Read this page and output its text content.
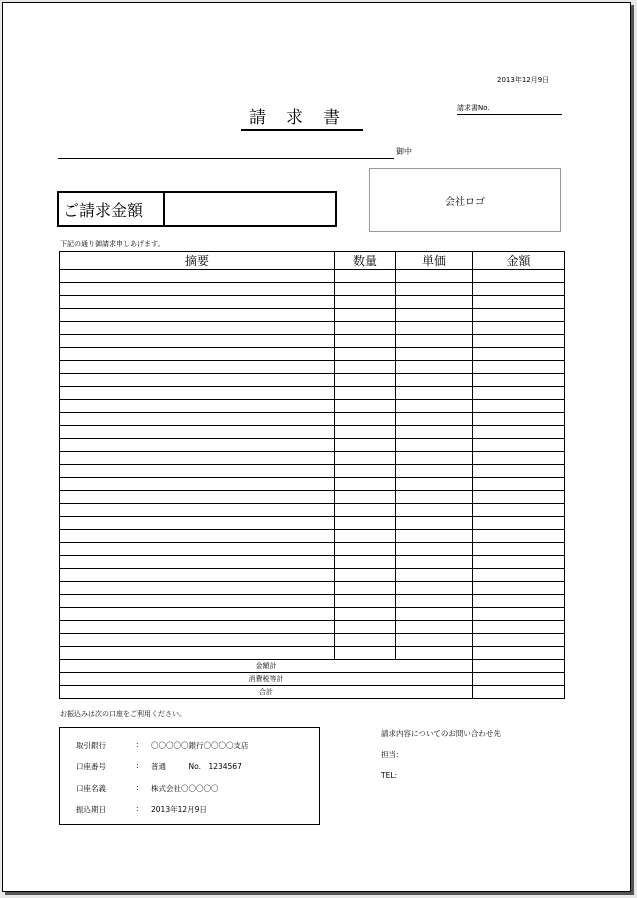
2013年12月9日
請求書	請求書No.
御中
会社ロゴ
ご請求金額
下記の通り御請求申しあげます。
摘要	数量	単価	金額

金額計			
消費税等計			
合計			
お振込みは次の口座をご利用ください。
取引銀行	:	〇〇〇〇〇銀行〇〇〇〇支店
口座番号	:	普通　　　No.　1234567
口座名義	:	株式会社〇〇〇〇〇
振込期日	:	2013年12月9日
請求内容についてのお問い合わせ先
担当:
TEL:
